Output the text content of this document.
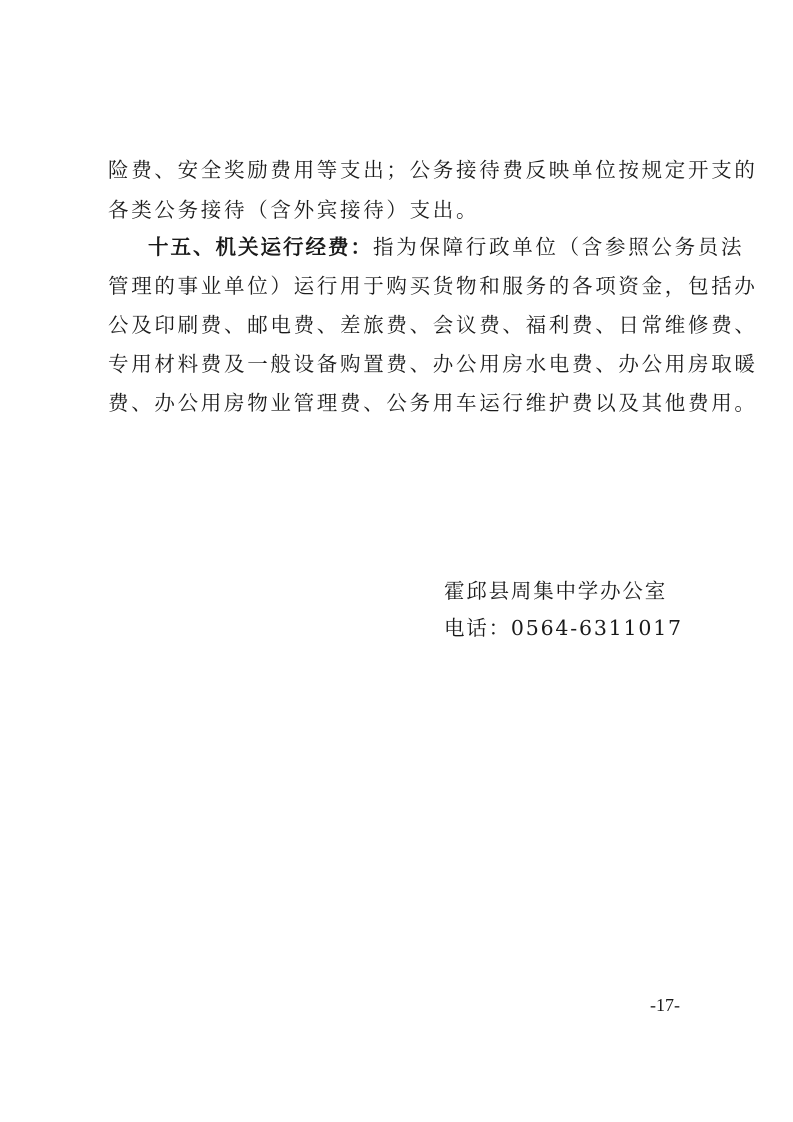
险费、安全奖励费用等支出；公务接待费反映单位按规定开支的
各类公务接待（含外宾接待）支出。
十五、机关运行经费：指为保障行政单位（含参照公务员法
管理的事业单位）运行用于购买货物和服务的各项资金，包括办
公及印刷费、邮电费、差旅费、会议费、福利费、日常维修费、
专用材料费及一般设备购置费、办公用房水电费、办公用房取暖
费、办公用房物业管理费、公务用车运行维护费以及其他费用。
霍邱县周集中学办公室
电话：0564-6311017
-17-
